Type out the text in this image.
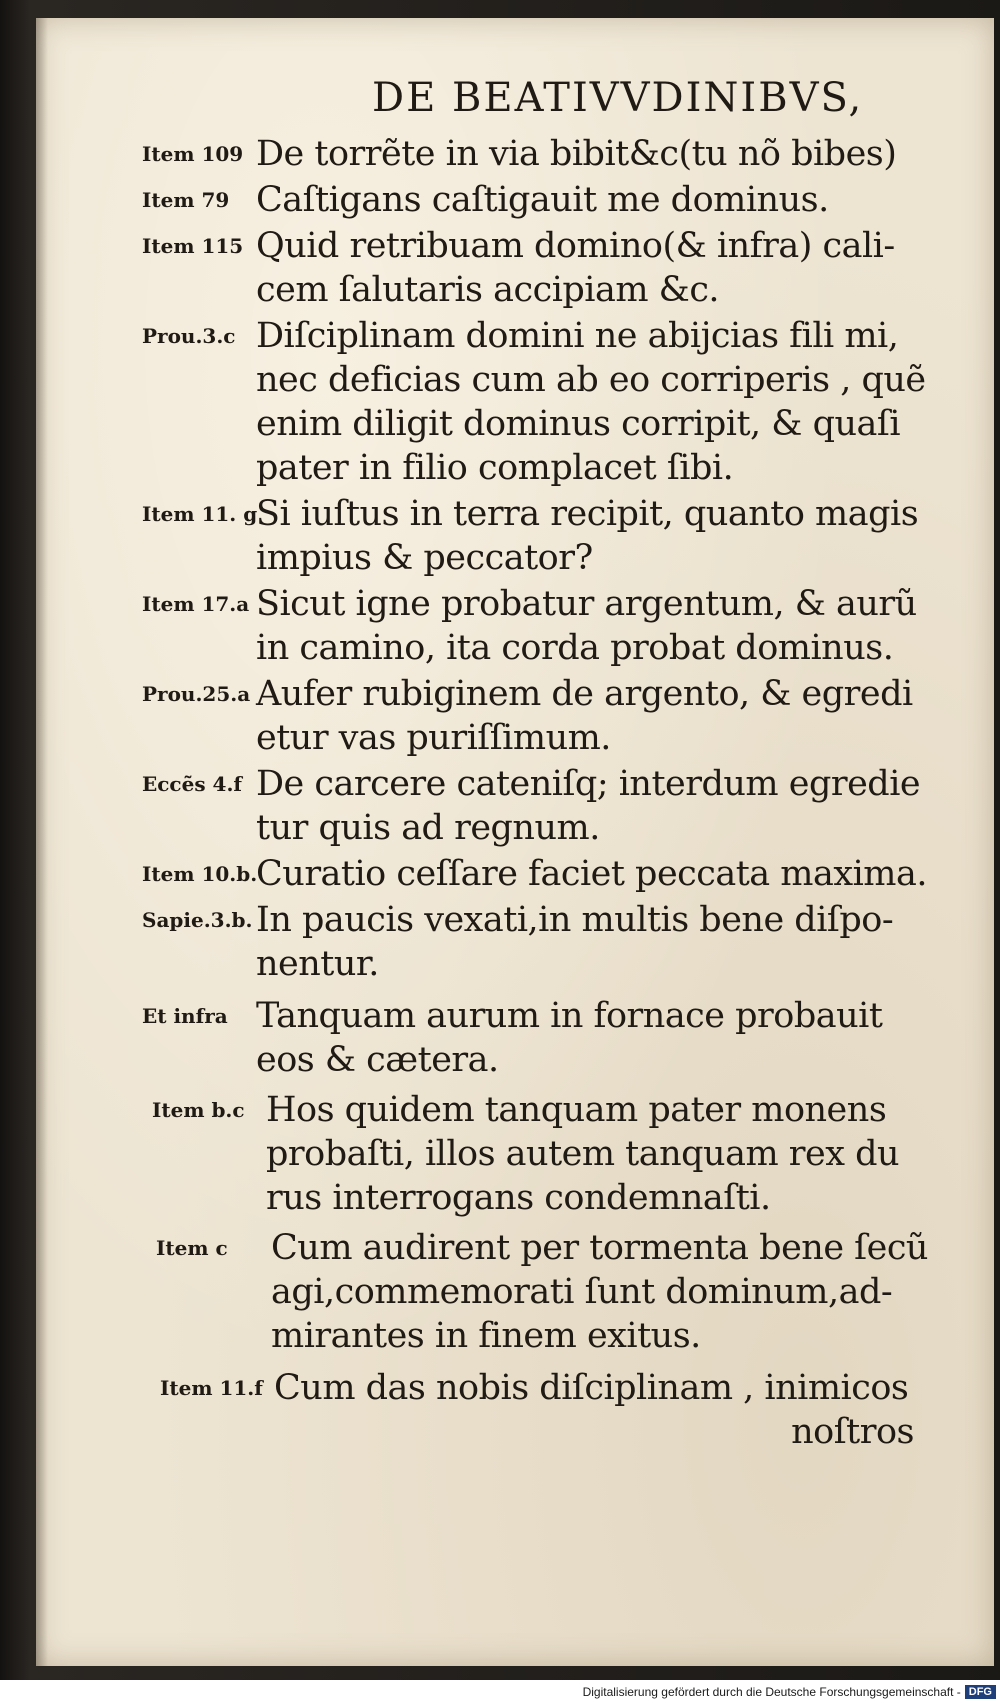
DE BEATIVVDINIBVS,
Item 109 De torrẽte in via bibit&c(tu nõ bibes)
Item 79 Caſtigans caſtigauit me dominus.
Item 115 Quid retribuam domino(& infra) cali-
cem ſalutaris accipiam &c.
Prou.3.c Diſciplinam domini ne abijcias fili mi,
nec deficias cum ab eo corriperis , quẽ
enim diligit dominus corripit, & quaſi
pater in filio complacet ſibi.
Item 11. g
Si iuſtus in terra recipit, quanto magis
impius & peccator?
Item 17.a Sicut igne probatur argentum, & aurũ
in camino, ita corda probat dominus.
Prou.25.a Aufer rubiginem de argento, & egredi
etur vas puriſſimum.
Eccẽs 4.f De carcere cateniſq; interdum egredie
tur quis ad regnum.
Item 10.b.
Curatio ceſſare faciet peccata maxima.
Sapie.3.b. In paucis vexati,in multis bene diſpo-
nentur.
Et infra Tanquam aurum in fornace probauit
eos & cætera.
Item b.c Hos quidem tanquam pater monens
probaſti, illos autem tanquam rex du
rus interrogans condemnaſti.
Item c	Cum audirent per tormenta bene ſecũ
agi,commemorati ſunt dominum,ad-
mirantes in finem exitus.
Item 11.f Cum das nobis diſciplinam , inimicos
noſtros
Digitalisierung gefördert durch die Deutsche Forschungsgemeinschaft - DFG
